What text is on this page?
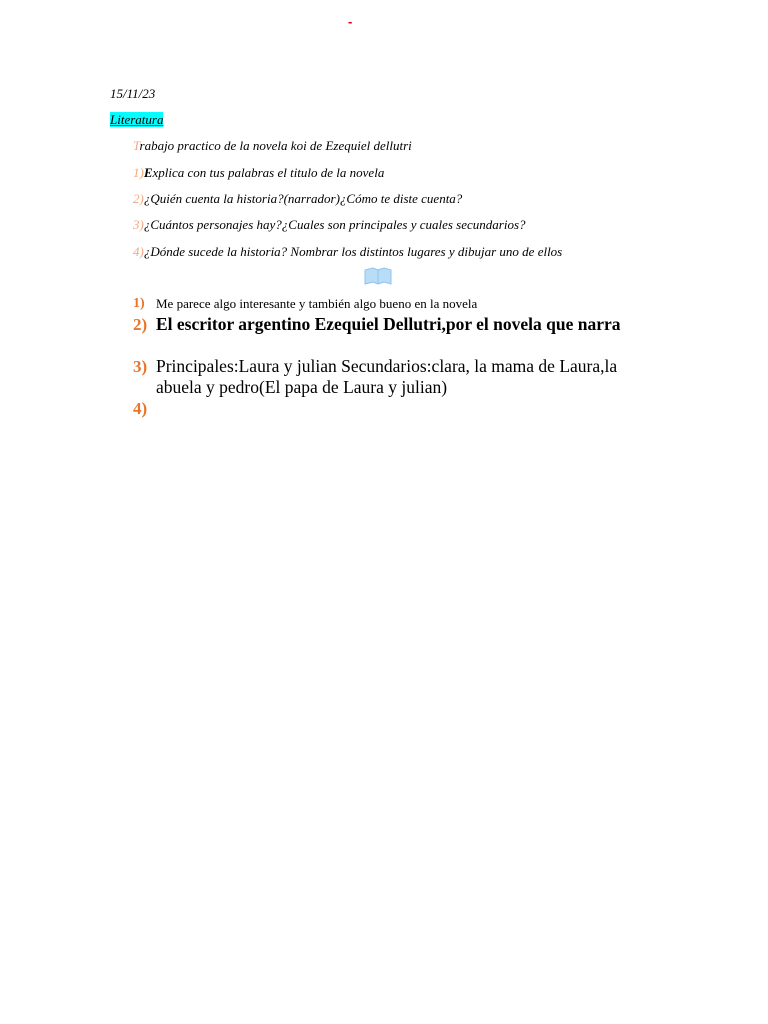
-
15/11/23
Literatura
Trabajo practico de la novela koi de Ezequiel dellutri
1)Explica con tus palabras el titulo de la novela
2)¿Quién cuenta la historia?(narrador)¿Cómo te diste cuenta?
3)¿Cuántos personajes hay?¿Cuales son principales y cuales secundarios?
4)¿Dónde sucede la historia? Nombrar los distintos lugares y dibujar uno de ellos
1) Me parece algo interesante y también algo bueno en la novela
2) El escritor argentino Ezequiel Dellutri,por el novela que narra
3) Principales:Laura y julian Secundarios:clara, la mama de Laura,la abuela y pedro(El papa de Laura y julian)
4)
